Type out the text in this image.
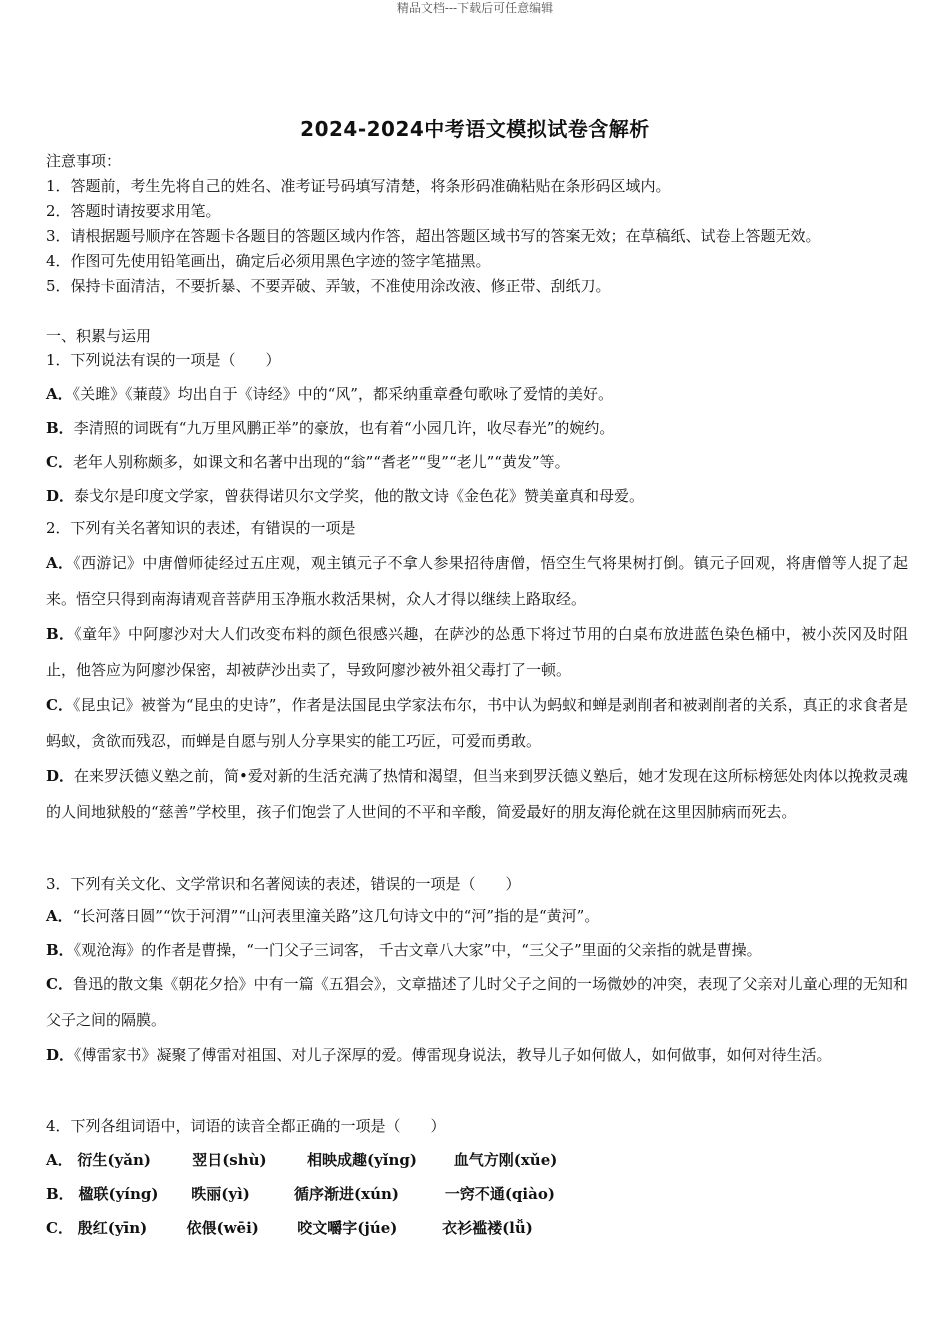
精品文档---下载后可任意编辑
2024-2024中考语文模拟试卷含解析
注意事项：
1．答题前，考生先将自己的姓名、准考证号码填写清楚，将条形码准确粘贴在条形码区域内。
2．答题时请按要求用笔。
3．请根据题号顺序在答题卡各题目的答题区域内作答，超出答题区域书写的答案无效；在草稿纸、试卷上答题无效。
4．作图可先使用铅笔画出，确定后必须用黑色字迹的签字笔描黑。
5．保持卡面清洁，不要折暴、不要弄破、弄皱，不准使用涂改液、修正带、刮纸刀。
一、积累与运用
1．下列说法有误的一项是（　　）
A．《关雎》《蒹葭》均出自于《诗经》中的“风”，都采纳重章叠句歌咏了爱情的美好。
B．李清照的词既有“九万里风鹏正举”的豪放，也有着“小园几许，收尽春光”的婉约。
C．老年人别称颇多，如课文和名著中出现的“翁”“耆老”“叟”“老儿”“黄发”等。
D．泰戈尔是印度文学家，曾获得诺贝尔文学奖，他的散文诗《金色花》赞美童真和母爱。
2．下列有关名著知识的表述，有错误的一项是
A．《西游记》中唐僧师徒经过五庄观，观主镇元子不拿人参果招待唐僧，悟空生气将果树打倒。镇元子回观，将唐僧等人捉了起来。悟空只得到南海请观音菩萨用玉净瓶水救活果树，众人才得以继续上路取经。
B．《童年》中阿廖沙对大人们改变布料的颜色很感兴趣，在萨沙的怂恿下将过节用的白桌布放进蓝色染色桶中，被小茨冈及时阻止，他答应为阿廖沙保密，却被萨沙出卖了，导致阿廖沙被外祖父毒打了一顿。
C．《昆虫记》被誉为“昆虫的史诗”，作者是法国昆虫学家法布尔，书中认为蚂蚁和蝉是剥削者和被剥削者的关系，真正的求食者是蚂蚁，贪欲而残忍，而蝉是自愿与别人分享果实的能工巧匠，可爱而勇敢。
D．在来罗沃德义塾之前，简•爱对新的生活充满了热情和渴望，但当来到罗沃德义塾后，她才发现在这所标榜惩处肉体以挽救灵魂的人间地狱般的“慈善”学校里，孩子们饱尝了人世间的不平和辛酸，简爱最好的朋友海伦就在这里因肺病而死去。
3．下列有关文化、文学常识和名著阅读的表述，错误的一项是（　　）
A．“长河落日圆”“饮于河渭”“山河表里潼关路”这几句诗文中的“河”指的是“黄河”。
B．《观沧海》的作者是曹操，“一门父子三词客， 千古文章八大家”中，“三父子”里面的父亲指的就是曹操。
C．鲁迅的散文集《朝花夕拾》中有一篇《五猖会》，文章描述了儿时父子之间的一场微妙的冲突，表现了父亲对儿童心理的无知和父子之间的隔膜。
D．《傅雷家书》凝聚了傅雷对祖国、对儿子深厚的爱。傅雷现身说法，教导儿子如何做人，如何做事，如何对待生活。
4．下列各组词语中，词语的读音全都正确的一项是（　　）
A． 衍生(yǎn)	翌日(shù)	相映成趣(yǐng) 血气方刚(xǔe)
B． 楹联(yíng) 昳丽(yì)	循序渐进(xún)	一窍不通(qiào)
C． 殷红(yīn)	依偎(wēi)	咬文嚼字(júe)	衣衫褴褛(lǚ)
